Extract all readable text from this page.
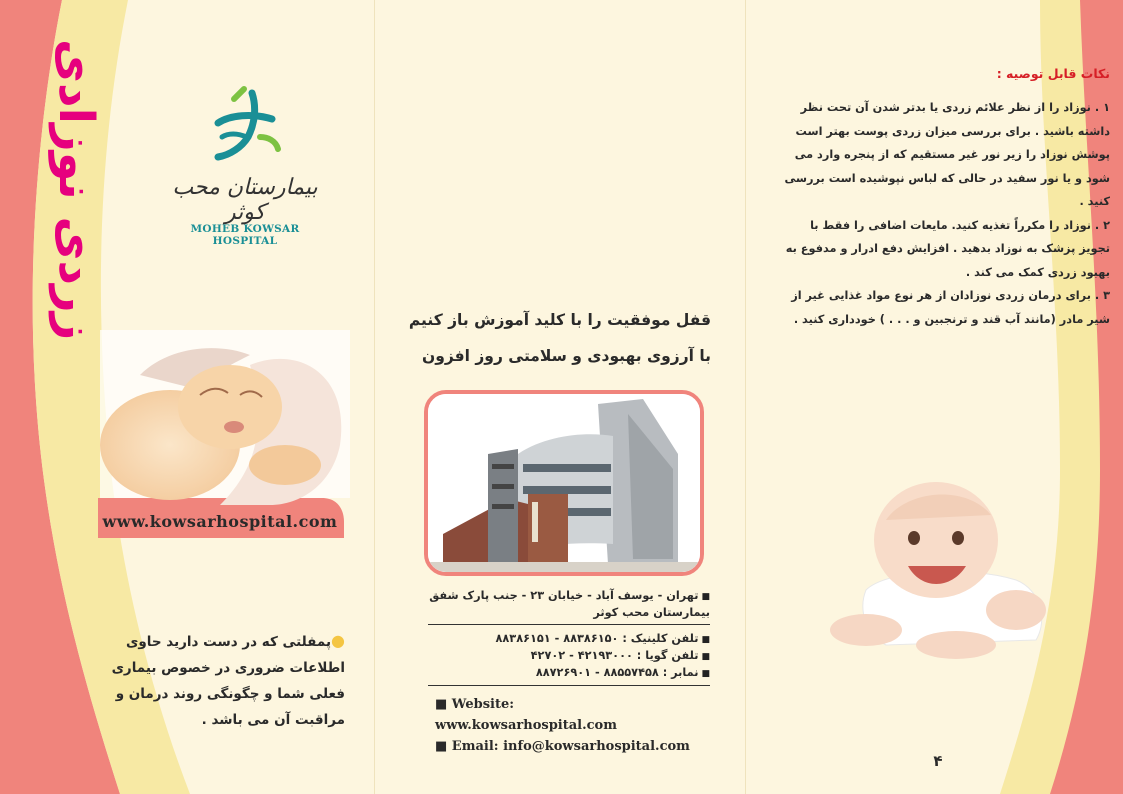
زردی نوزادی	بیمارستان محب کوثر
MOHEB KOWSAR HOSPITAL
www.kowsarhospital.com
●پمفلتی که در دست دارید حاوی اطلاعات ضروری در خصوص بیماری فعلی شما و چگونگی روند درمان و مراقبت آن می باشد .
قفل موفقیت را با کلید آموزش باز کنیم
با آرزوی بهبودی و سلامتی روز افزون
■تهران - یوسف آباد - خیابان ۲۳ - جنب پارک شفق
بیمارستان محب کوثر
■تلفن کلینیک : ۸۸۳۸۶۱۵۰ - ۸۸۳۸۶۱۵۱
■تلفن گویا : ۴۲۱۹۳۰۰۰ - ۴۲۷۰۲
■نمابر : ۸۸۵۵۷۴۵۸ - ۸۸۷۲۶۹۰۱
■ Website: www.kowsarhospital.com
■ Email: info@kowsarhospital.com
نکات قابل توصیه :
۱ . نوزاد را از نظر علائم زردی یا بدتر شدن آن تحت نظر داشته باشید . برای بررسی میزان زردی پوست بهتر است پوشش نوزاد را زیر نور غیر مستقیم که از پنجره وارد می شود و یا نور سفید در حالی که لباس نپوشیده است بررسی کنید .
۲ . نوزاد را مکرراً تغذیه کنید. مایعات اضافی را فقط با تجویز پزشک به نوزاد بدهید . افزایش دفع ادرار و مدفوع به بهبود زردی کمک می کند .
۳ . برای درمان زردی نوزادان از هر نوع مواد غذایی غیر از شیر مادر (مانند آب قند و ترنجبین و . . . ) خودداری کنید .
۴
